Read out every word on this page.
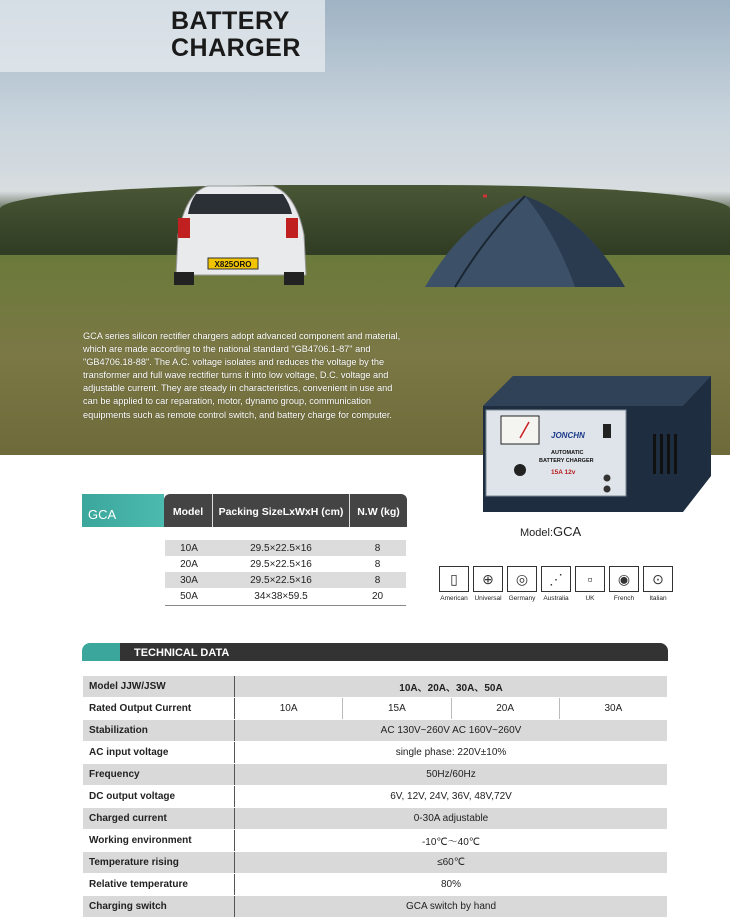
X825ORO
BATTERY
CHARGER

GCA series silicon rectifier chargers adopt advanced component and material, which are made according to the national standard "GB4706.1-87" and "GB4706.18-88". The A.C. voltage isolates and reduces the voltage by the transformer and full wave rectifier turns it into low voltage, D.C. voltage and adjustable current. They are steady in characteristics, convenient in use and can be applied to car reparation, motor, dynamo group, communication equipments such as remote control switch, and battery charge for computer.

JONCHN
AUTOMATIC
BATTERY CHARGER
15A 12v
Model:GCA
GCA	Model	Packing SizeLxWxH (cm)	N.W (kg)
10A	29.5×22.5×16	8
20A	29.5×22.5×16	8
30A	29.5×22.5×16	8
50A	34×38×59.5	20
▯
American
⊕
Universal
◎
Germany
⋰
Australia
▫
UK
◉
French
⊙
Italian
TECHNICAL DATA
Model JJW/JSW	10A、20A、30A、50A
Rated Output Current	10A	15A	20A	30A
Stabilization	AC 130V~260V AC 160V~260V
AC input voltage	single phase: 220V±10%
Frequency	50Hz/60Hz
DC output voltage	6V, 12V, 24V, 36V, 48V,72V
Charged current	0-30A adjustable
Working environment	-10℃～40℃
Temperature rising	≤60℃
Relative temperature	80%
Charging switch	GCA switch by hand
